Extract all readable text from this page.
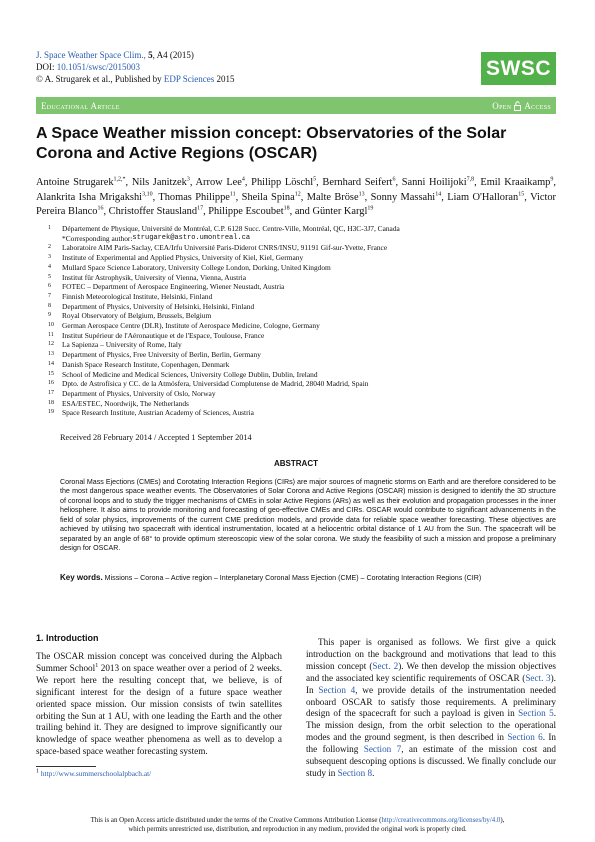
J. Space Weather Space Clim., 5, A4 (2015)
DOI: 10.1051/swsc/2015003
© A. Strugarek et al., Published by EDP Sciences 2015	SWSC
Educational Article	Open Access
A Space Weather mission concept: Observatories of the Solar Corona and Active Regions (OSCAR)
Antoine Strugarek$^{1,2,*}$, Nils Janitzek$^3$, Arrow Lee$^4$, Philipp Löschl$^5$, Bernhard Seifert$^6$, Sanni Hoilijoki$^{7,8}$, Emil Kraaikamp$^9$, Alankrita Isha Mrigakshi$^{3,10}$, Thomas Philippe$^{11}$, Sheila Spina$^{12}$, Malte Bröse$^{13}$, Sonny Massahi$^{14}$, Liam O'Halloran$^{15}$, Victor Pereira Blanco$^{16}$, Christoffer Stausland$^{17}$, Philippe Escoubet$^{18}$, and Günter Kargl$^{19}$
1	Département de Physique, Université de Montréal, C.P. 6128 Succ. Centre-Ville, Montréal, QC, H3C-3J7, Canada
*Corresponding author: strugarek@astro.umontreal.ca
2	Laboratoire AIM Paris-Saclay, CEA/Irfu Université Paris-Diderot CNRS/INSU, 91191 Gif-sur-Yvette, France
3	Institute of Experimental and Applied Physics, University of Kiel, Kiel, Germany
4	Mullard Space Science Laboratory, University College London, Dorking, United Kingdom
5	Institut für Astrophysik, University of Vienna, Vienna, Austria
6	FOTEC – Department of Aerospace Engineering, Wiener Neustadt, Austria
7	Finnish Meteorological Institute, Helsinki, Finland
8	Department of Physics, University of Helsinki, Helsinki, Finland
9	Royal Observatory of Belgium, Brussels, Belgium
10	German Aerospace Centre (DLR), Institute of Aerospace Medicine, Cologne, Germany
11	Institut Supérieur de l'Aéronautique et de l'Espace, Toulouse, France
12	La Sapienza – University of Rome, Italy
13	Department of Physics, Free University of Berlin, Berlin, Germany
14	Danish Space Research Institute, Copenhagen, Denmark
15	School of Medicine and Medical Sciences, University College Dublin, Dublin, Ireland
16	Dpto. de Astrofísica y CC. de la Atmósfera, Universidad Complutense de Madrid, 28040 Madrid, Spain
17	Department of Physics, University of Oslo, Norway
18	ESA/ESTEC, Noordwijk, The Netherlands
19	Space Research Institute, Austrian Academy of Sciences, Austria
Received 28 February 2014 / Accepted 1 September 2014
ABSTRACT

Coronal Mass Ejections (CMEs) and Corotating Interaction Regions (CIRs) are major sources of magnetic storms on Earth and are therefore considered to be the most dangerous space weather events. The Observatories of Solar Corona and Active Regions (OSCAR) mission is designed to identify the 3D structure of coronal loops and to study the trigger mechanisms of CMEs in solar Active Regions (ARs) as well as their evolution and propagation processes in the inner heliosphere. It also aims to provide monitoring and forecasting of geo-effective CMEs and CIRs. OSCAR would contribute to significant advancements in the field of solar physics, improvements of the current CME prediction models, and provide data for reliable space weather forecasting. These objectives are achieved by utilising two spacecraft with identical instrumentation, located at a heliocentric orbital distance of 1 AU from the Sun. The spacecraft will be separated by an angle of 68° to provide optimum stereoscopic view of the solar corona. We study the feasibility of such a mission and propose a preliminary design for OSCAR.

Key words. Missions – Corona – Active region – Interplanetary Coronal Mass Ejection (CME) – Corotating Interaction Regions (CIR)

1. Introduction

The OSCAR mission concept was conceived during the Alpbach Summer School$^1$ 2013 on space weather over a period of 2 weeks. We report here the resulting concept that, we believe, is of significant interest for the design of a future space weather oriented space mission. Our mission consists of twin satellites orbiting the Sun at 1 AU, with one leading the Earth and the other trailing behind it. They are designed to improve significantly our knowledge of space weather phenomena as well as to develop a space-based space weather forecasting system.

$^1$ http://www.summerschoolalpbach.at/

This paper is organised as follows. We first give a quick introduction on the background and motivations that lead to this mission concept (Sect. 2). We then develop the mission objectives and the associated key scientific requirements of OSCAR (Sect. 3). In Section 4, we provide details of the instrumentation needed onboard OSCAR to satisfy those requirements. A preliminary design of the spacecraft for such a payload is given in Section 5. The mission design, from the orbit selection to the operational modes and the ground segment, is then described in Section 6. In the following Section 7, an estimate of the mission cost and subsequent descoping options is discussed. We finally conclude our study in Section 8.

This is an Open Access article distributed under the terms of the Creative Commons Attribution License (http://creativecommons.org/licenses/by/4.0),
which permits unrestricted use, distribution, and reproduction in any medium, provided the original work is properly cited.
